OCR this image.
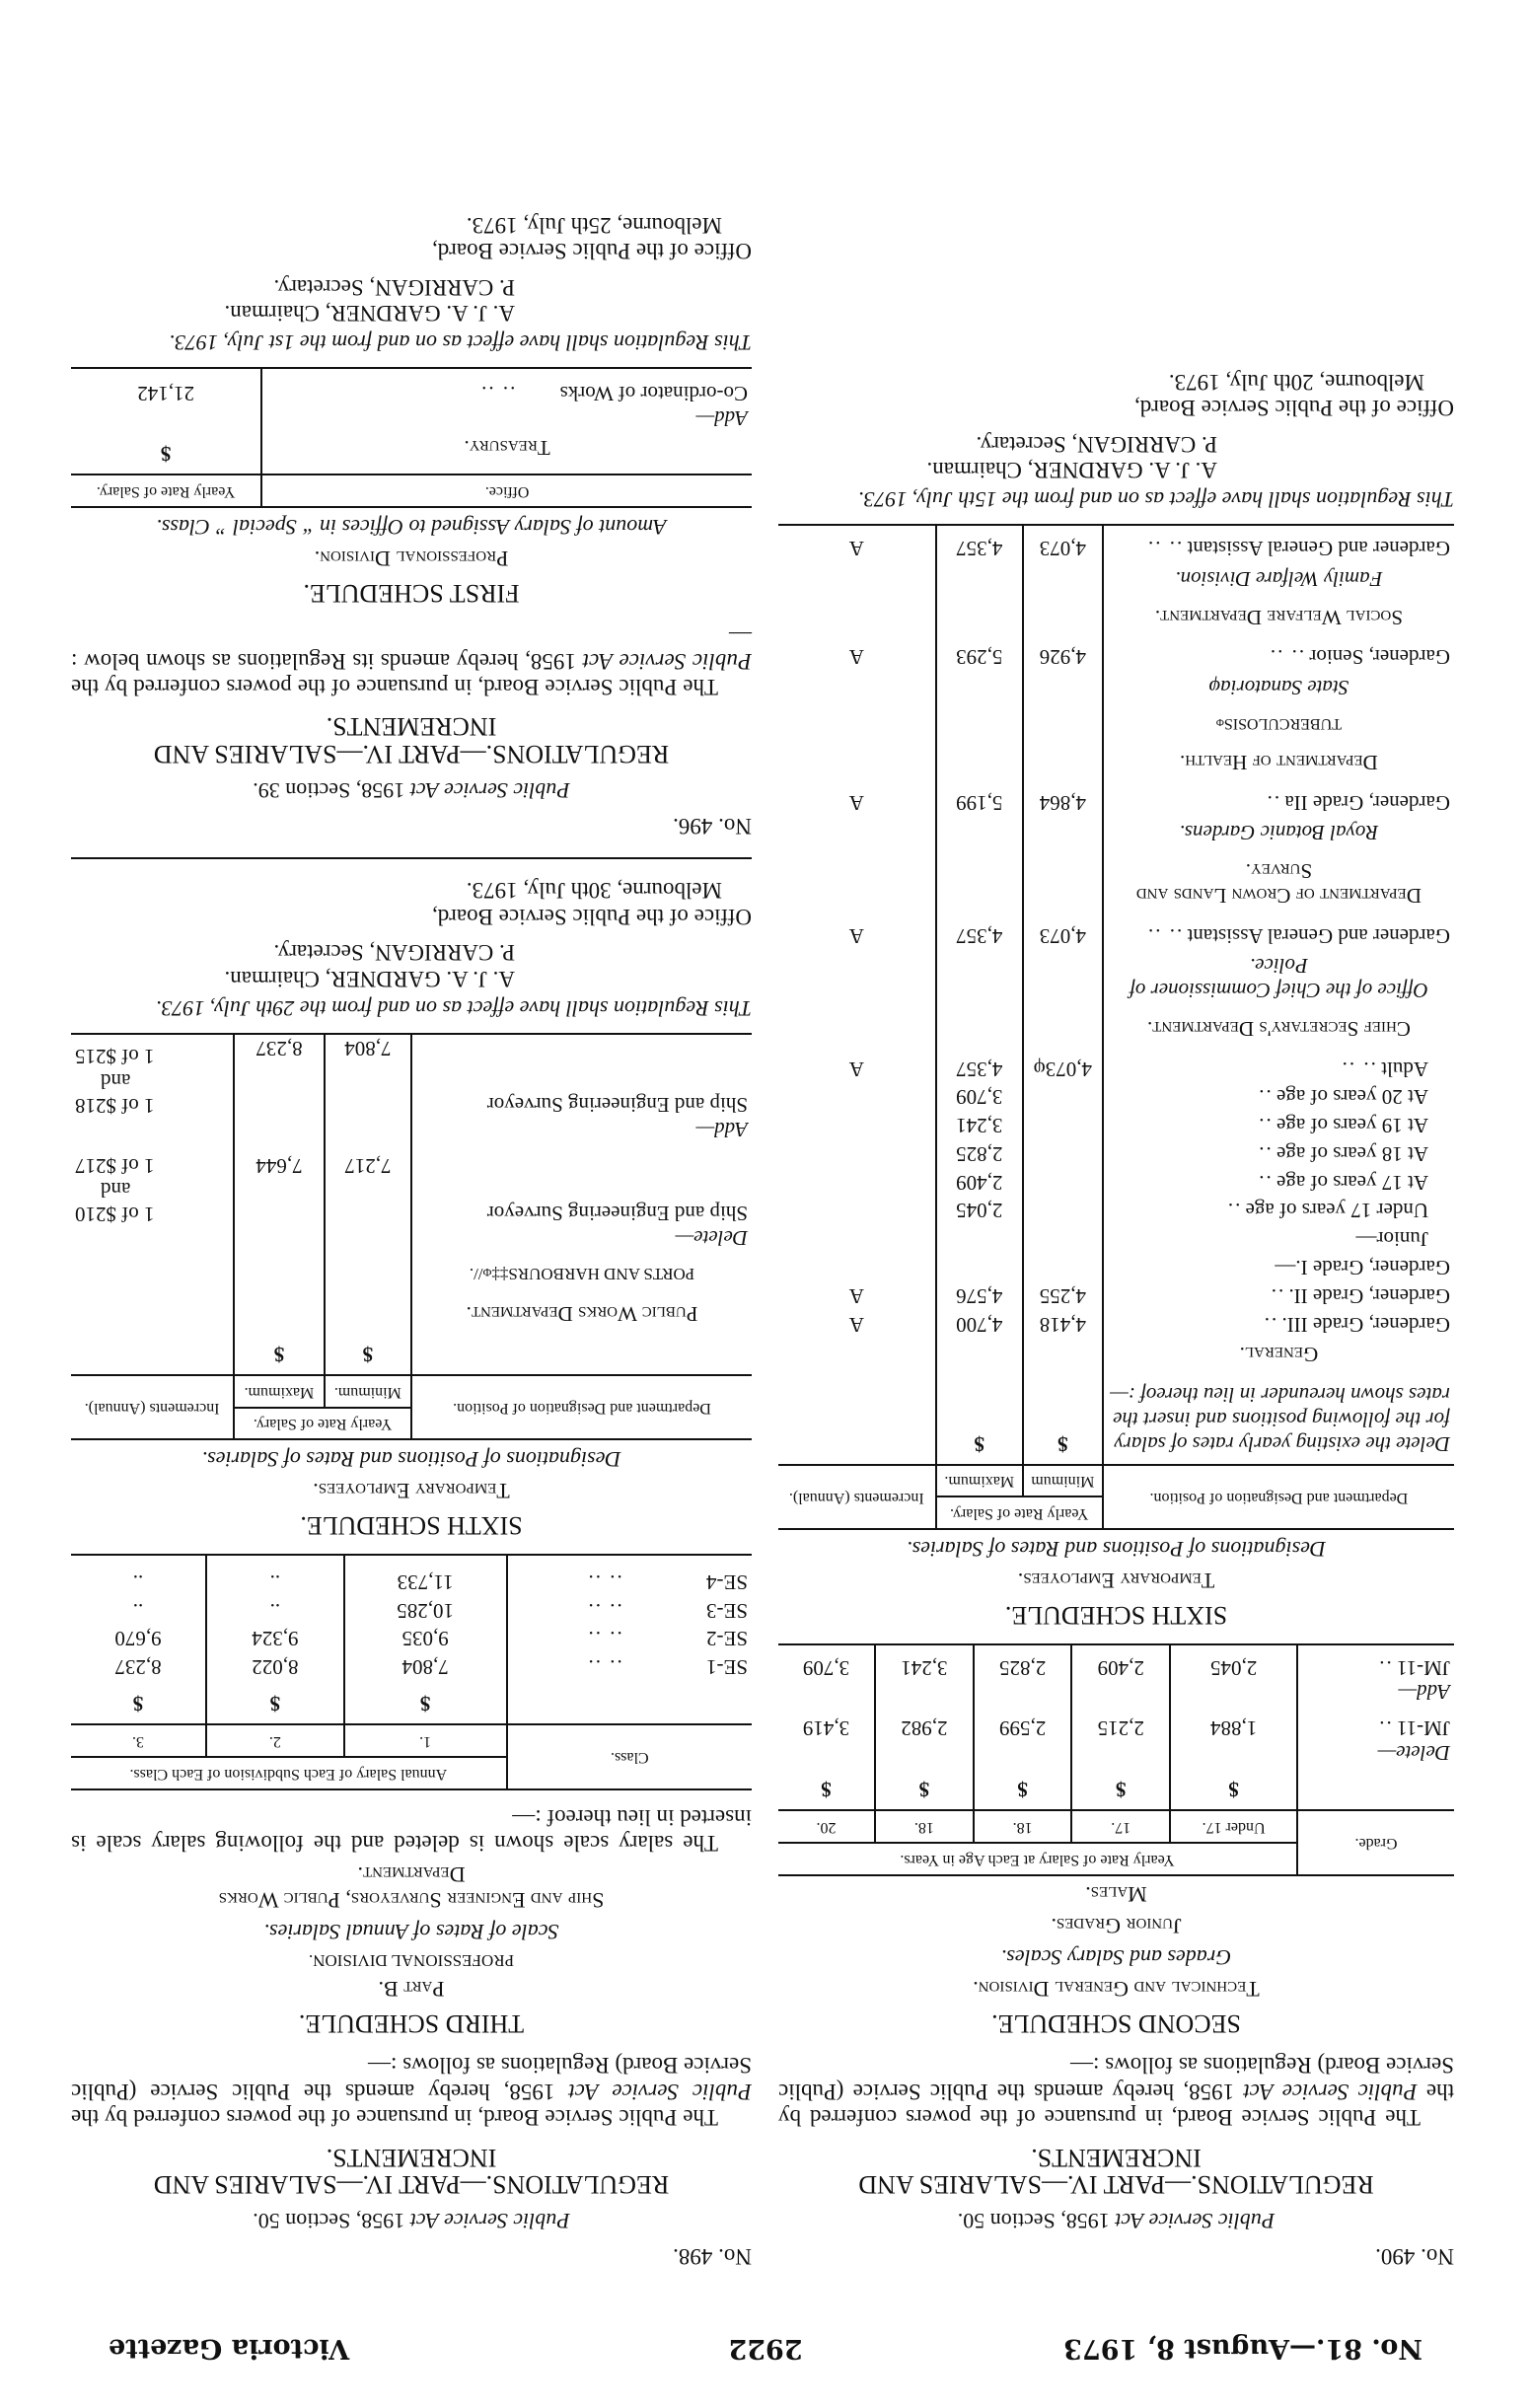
No. 81.—August 8, 1973
2922
Victoria Gazette
No. 490.
Public Service Act 1958, Section 50.
REGULATIONS.—PART IV.—SALARIES AND
INCREMENTS.

The Public Service Board, in pursuance of the powers conferred by the Public Service Act 1958, hereby amends the Public Service (Public Service Board) Regulations as follows :—

SECOND SCHEDULE.
Technical and General Division.
Grades and Salary Scales.
Junior Grades.
Males.
Grade.	Yearly Rate of Salary at Each Age in Years.				
	Under 17.	17.	18.	18.	20.
	$	$	$	$	$

Delete—
JM-11 ..	1,884	2,215	2,599	2,982	3,419

Add—
JM-11 ..	2,045	2,409	2,825	3,241	3,709
SIXTH SCHEDULE.
Temporary Employees.
Designations of Positions and Rates of Salaries.
Department and Designation of Position.	Yearly Rate of Salary.		Increments (Annual).
	Minimum	Maximum.	
Delete the existing yearly rates of salary for the following positions and insert the rates shown hereunder in lieu thereof :—	$	$	
General.			
Gardener, Grade III. ..	4,418	4,700	A
Gardener, Grade II. ..	4,255	4,576	A
Gardener, Grade I.—			
Junior—			
Under 17 years of age ..		2,045	
At 17 years of age ..		2,409	
At 18 years of age ..		2,825	
At 19 years of age ..		3,241	
At 20 years of age ..		3,709	
Adult .. ..	4,073φ	4,357	A
Chief Secretary's Department.			
Office of the Chief Commissioner of Police.			
Gardener and General Assistant .. ..	4,073	4,357	A
Department of Crown Lands and Survey.			
Royal Botanic Gardens.			
Gardener, Grade IIa ..	4,864	5,199	A
Department of Health.			
TUBERCULOSISφ			
State Sanatoriaφ			
Gardener, Senior .. ..	4,926	5,293	A
Social Welfare Department.			
Family Welfare Division.			
Gardener and General Assistant .. ..	4,073	4,357	A
This Regulation shall have effect as on and from the 15th July, 1973.
A. J. A. GARDNER, Chairman.
P. CARRIGAN, Secretary.
Office of the Public Service Board,
Melbourne, 20th July, 1973.
No. 498.
Public Service Act 1958, Section 50.
REGULATIONS.—PART IV.—SALARIES AND
INCREMENTS.

The Public Service Board, in pursuance of the powers conferred by the Public Service Act 1958, hereby amends the Public Service (Public Service Board) Regulations as follows :—

THIRD SCHEDULE.
Part B.
PROFESSIONAL DIVISION.
Scale of Rates of Annual Salaries.
Ship and Engineer Surveyors, Public Works
Department.

The salary scale shown is deleted and the following salary scale is inserted in lieu thereof :—

Class.	Annual Salary of Each Subdivision of Each Class.		
	1.	2.	3.
	$	$	$
SE-1 .. ..	7,804	8,022	8,237
SE-2 .. ..	9,035	9,324	9,670
SE-3 .. ..	10,285	..	..
SE-4 .. ..	11,733	..	..
SIXTH SCHEDULE.
Temporary Employees.
Designations of Positions and Rates of Salaries.
Department and Designation of Position.	Yearly Rate of Salary.		Increments (Annual).
	Minimum.	Maximum.	
	$	$	
Public Works Department.			
PORTS AND HARBOURS‡‡φ//.			

Delete—
Ship and Engineering Surveyor	7,217	7,644	1 of $210
and
1 of $217

Add—
Ship and Engineering Surveyor	7,804	8,237	1 of $218
and
1 of $215
This Regulation shall have effect as on and from the 29th July, 1973.
A. J. A. GARDNER, Chairman.
P. CARRIGAN, Secretary.
Office of the Public Service Board,
Melbourne, 30th July, 1973.
No. 496.
Public Service Act 1958, Section 39.
REGULATIONS.—PART IV.—SALARIES AND
INCREMENTS.

The Public Service Board, in pursuance of the powers conferred by the Public Service Act 1958, hereby amends its Regulations as shown below :—

FIRST SCHEDULE.
Professional Division.
Amount of Salary Assigned to Offices in “ Special ” Class.
Office.	Yearly Rate of Salary.
Treasury.	$

Add—
Co-ordinator of Works .. ..	21,142
This Regulation shall have effect as on and from the 1st July, 1973.
A. J. A. GARDNER, Chairman.
P. CARRIGAN, Secretary.
Office of the Public Service Board,
Melbourne, 25th July, 1973.
